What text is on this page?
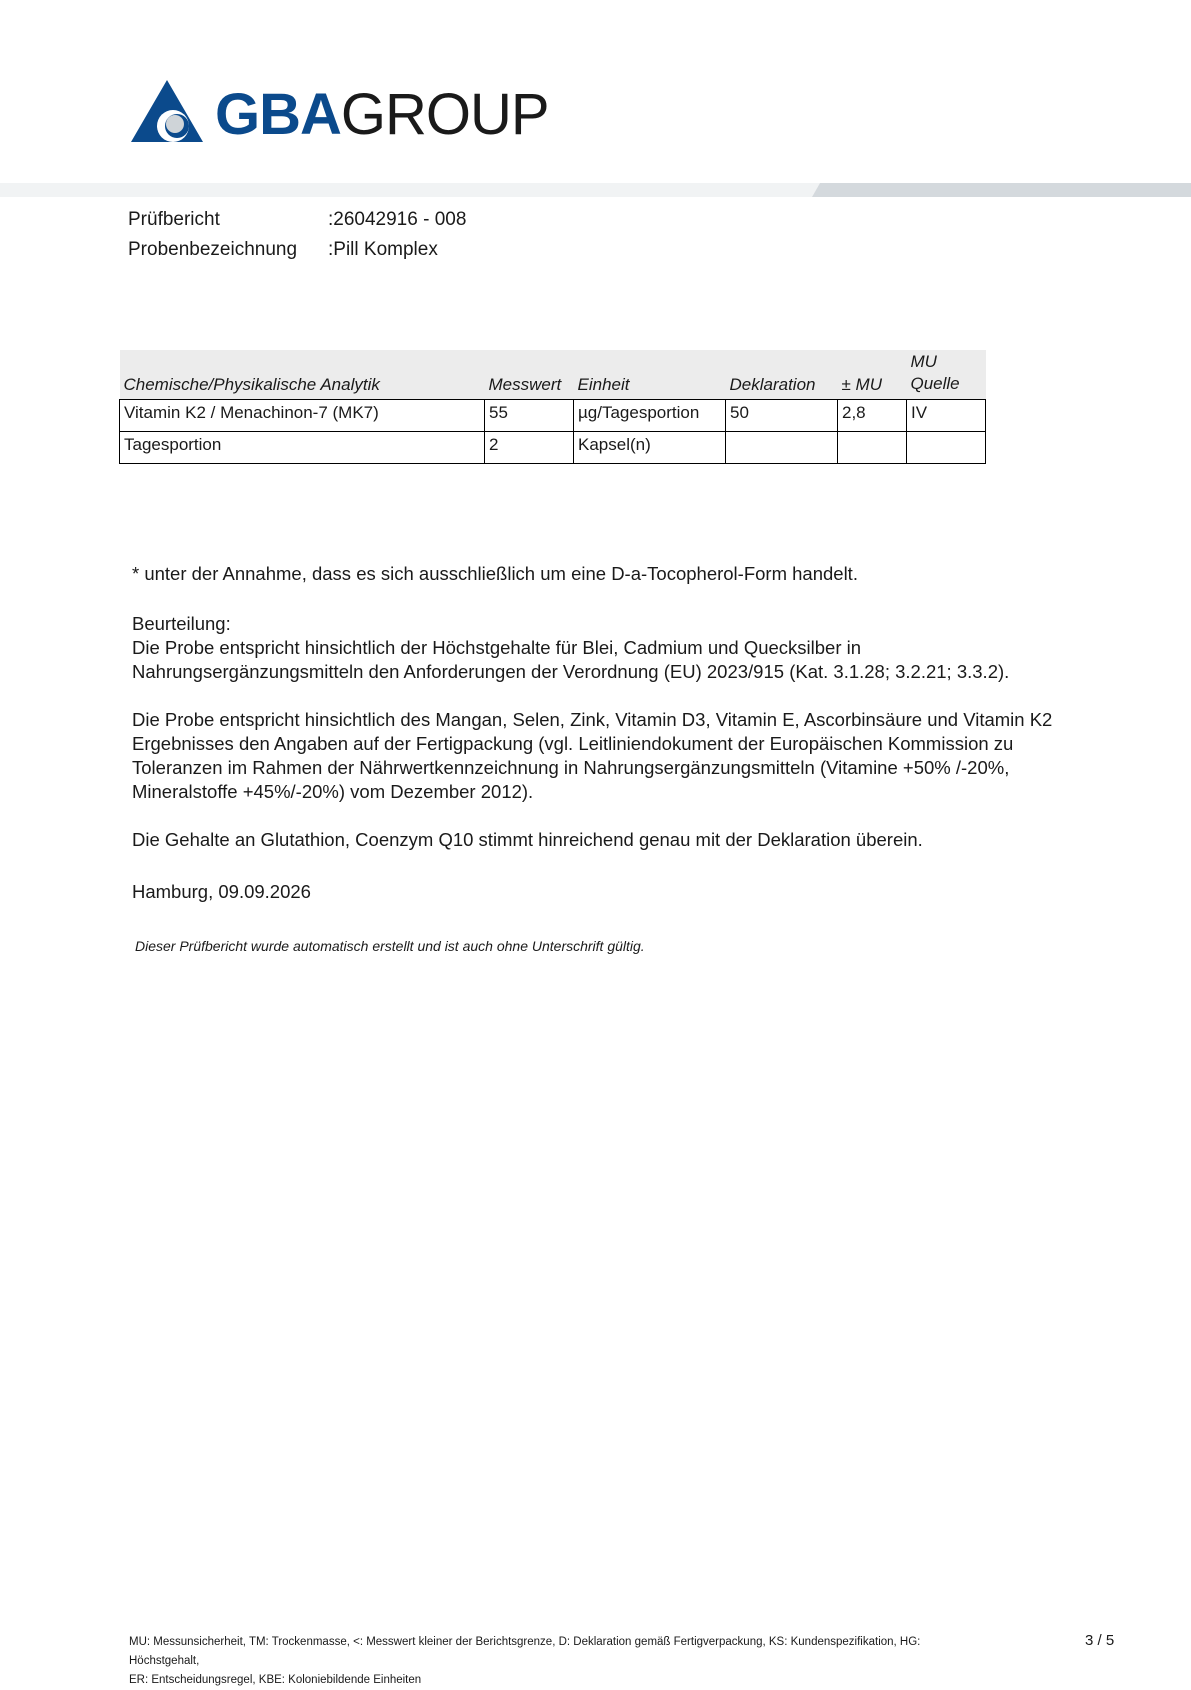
GBAGROUP
Prüfbericht	:26042916 - 008
Probenbezeichnung :Pill Komplex
Chemische/Physikalische Analytik	Messwert	Einheit	Deklaration	± MU	MU Quelle
Vitamin K2 / Menachinon-7 (MK7)	55	µg/Tagesportion	50	2,8	IV
Tagesportion	2	Kapsel(n)			
* unter der Annahme, dass es sich ausschließlich um eine D-a-Tocopherol-Form handelt.
Beurteilung:
Die Probe entspricht hinsichtlich der Höchstgehalte für Blei, Cadmium und Quecksilber in Nahrungsergänzungsmitteln den Anforderungen der Verordnung (EU) 2023/915 (Kat. 3.1.28; 3.2.21; 3.3.2).
Die Probe entspricht hinsichtlich des Mangan, Selen, Zink, Vitamin D3, Vitamin E, Ascorbinsäure und Vitamin K2 Ergebnisses den Angaben auf der Fertigpackung (vgl. Leitliniendokument der Europäischen Kommission zu Toleranzen im Rahmen der Nährwertkennzeichnung in Nahrungsergänzungsmitteln (Vitamine +50% /-20%, Mineralstoffe +45%/-20%) vom Dezember 2012).
Die Gehalte an Glutathion, Coenzym Q10 stimmt hinreichend genau mit der Deklaration überein.
Hamburg, 09.09.2026
Dieser Prüfbericht wurde automatisch erstellt und ist auch ohne Unterschrift gültig.
MU: Messunsicherheit, TM: Trockenmasse, <: Messwert kleiner der Berichtsgrenze, D: Deklaration gemäß Fertigverpackung, KS: Kundenspezifikation, HG: Höchstgehalt,
ER: Entscheidungsregel, KBE: Koloniebildende Einheiten
3 / 5
